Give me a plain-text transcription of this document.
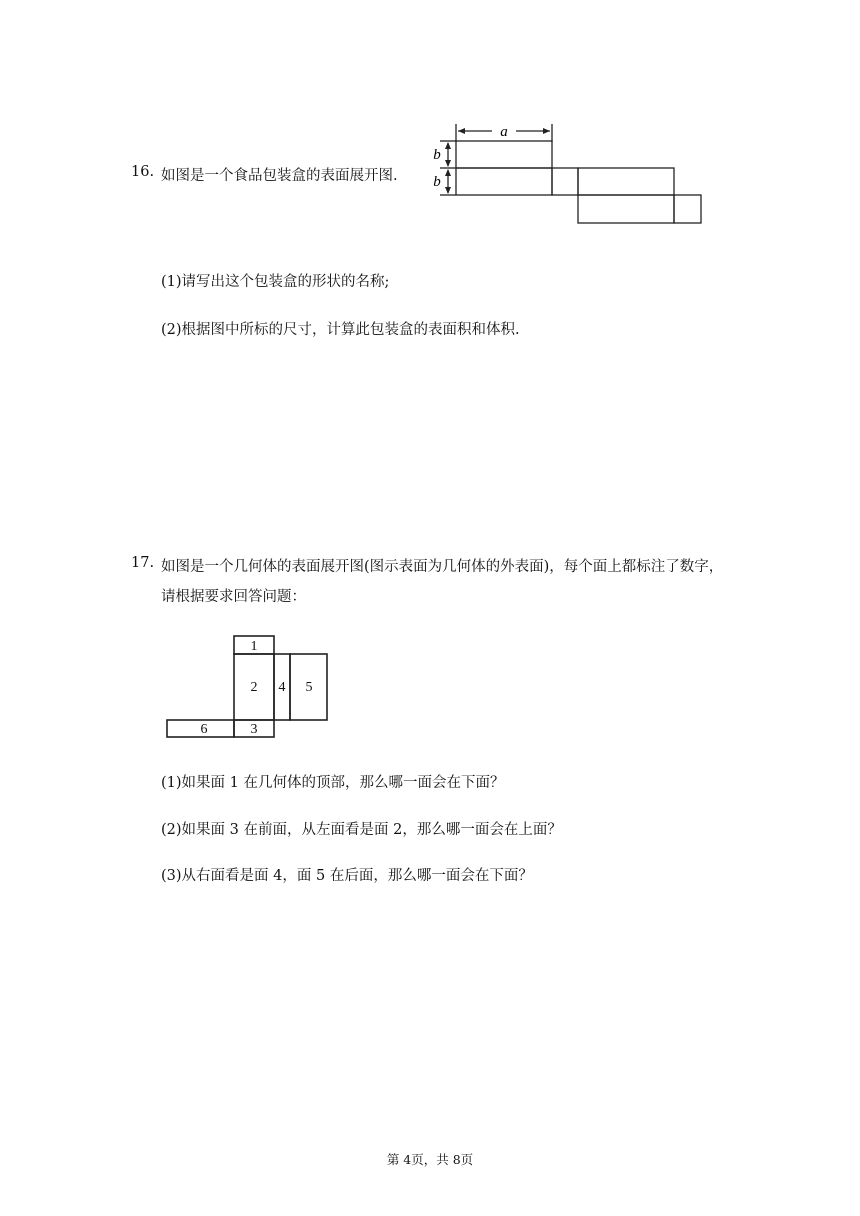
16. 如图是一个食品包装盒的表面展开图.
a
b
b
(1)请写出这个包装盒的形状的名称;
(2)根据图中所标的尺寸，计算此包装盒的表面积和体积.
17. 如图是一个几何体的表面展开图(图示表面为几何体的外表面)，每个面上都标注了数字，
请根据要求回答问题：
1
2 4 5
3
6
(1)如果面 1 在几何体的顶部，那么哪一面会在下面？
(2)如果面 3 在前面，从左面看是面 2，那么哪一面会在上面？
(3)从右面看是面 4，面 5 在后面，那么哪一面会在下面？
第 4页，共 8页
